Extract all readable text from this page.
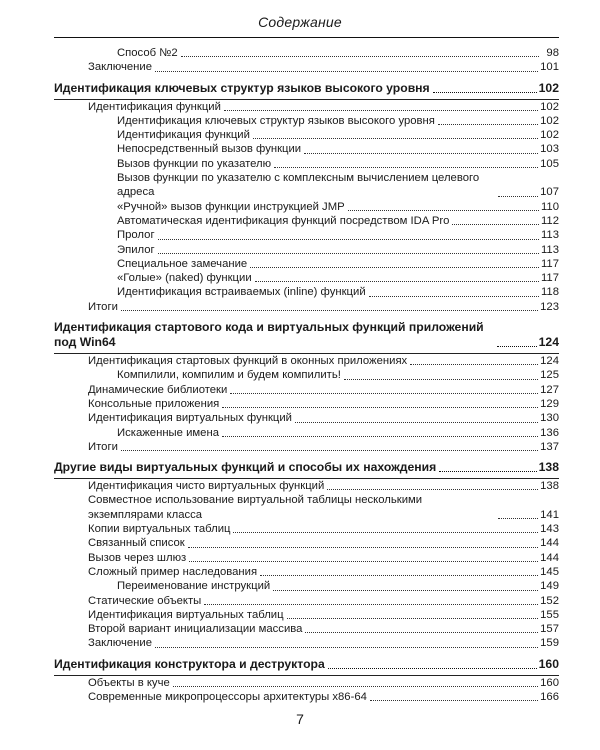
Содержание
Способ №2	98
Заключение	101
Идентификация ключевых структур языков высокого уровня	102
Идентификация функций	102
Идентификация ключевых структур языков высокого уровня	102
Идентификация функций	102
Непосредственный вызов функции	103
Вызов функции по указателю	105
Вызов функции по указателю с комплексным вычислением целевого адреса	107
«Ручной» вызов функции инструкцией JMP	110
Автоматическая идентификация функций посредством IDA Pro	112
Пролог	113
Эпилог	113
Специальное замечание	117
«Голые» (naked) функции	117
Идентификация встраиваемых (inline) функций	118
Итоги	123
Идентификация стартового кода и виртуальных функций приложений под Win64	124
Идентификация стартовых функций в оконных приложениях	124
Компилили, компилим и будем компилить!	125
Динамические библиотеки	127
Консольные приложения	129
Идентификация виртуальных функций	130
Искаженные имена	136
Итоги	137
Другие виды виртуальных функций и способы их нахождения	138
Идентификация чисто виртуальных функций	138
Совместное использование виртуальной таблицы несколькими экземплярами класса	141
Копии виртуальных таблиц	143
Связанный список	144
Вызов через шлюз	144
Сложный пример наследования	145
Переименование инструкций	149
Статические объекты	152
Идентификация виртуальных таблиц	155
Второй вариант инициализации массива	157
Заключение	159
Идентификация конструктора и деструктора	160
Объекты в куче	160
Современные микропроцессоры архитектуры x86-64	166
7
